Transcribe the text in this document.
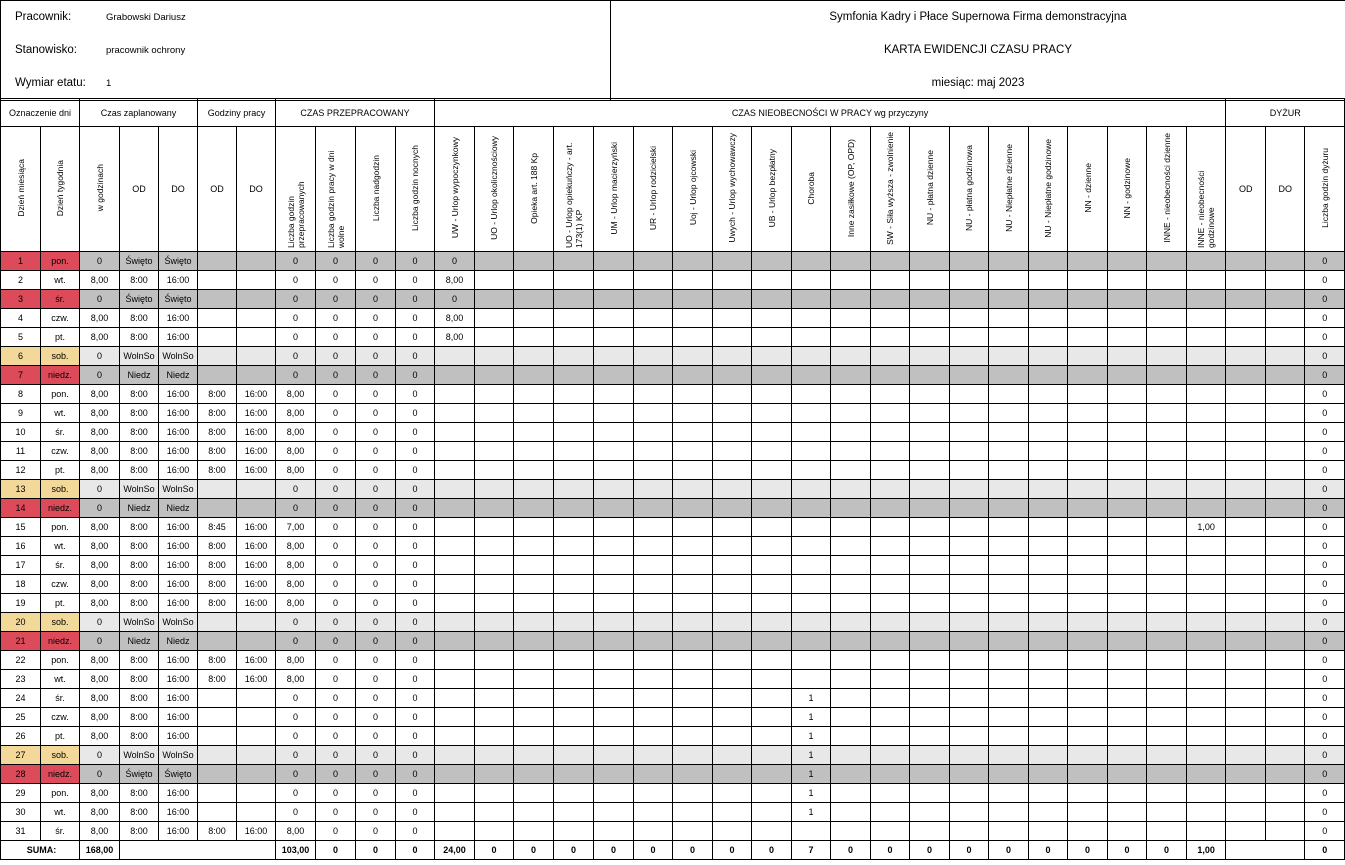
Pracownik:	Grabowski Dariusz
Stanowisko:	pracownik ochrony
Wymiar etatu: 1

Symfonia Kadry i Płace Supernowa Firma demonstracyjna
KARTA EWIDENCJI CZASU PRACY
miesiąc: maj 2023
Oznaczenie dni		Czas zaplanowany			Godziny pracy		CZAS PRZEPRACOWANY				CZAS NIEOBECNOŚCI W PRACY wg przyczyny																				DYŻUR		
Dzień miesiąca	Dzień tygodnia	w godzinach	OD	DO	OD	DO	Liczba godzin przepracowanych	Liczba godzin pracy w dni wolne	Liczba nadgodzin	Liczba godzin nocnych	UW - Urlop wypoczynkowy	UO - Urlop okolicznościowy	Opieka art. 188 Kp	UO - Urlop opiekuńczy - art. 173(1) KP	UM - Urlop macierzyński	UR - Urlop rodzicielski	Uoj - Urlop ojcowski	Uwych - Urlop wychowawczy	UB - Urlop bezpłatny	Choroba	Inne zasiłkowe (OP, OPD)	SW - Siła wyższa - zwolnienie	NU - płatna dzienne	NU - płatna godzinowa	NU - Niepłatne dzienne	NU - Niepłatne godzinowe	NN - dzienne	NN - godzinowe	INNE - nieobecności dzienne	INNE - nieobecności godzinowe	OD	DO	Liczba godzin dyżuru
1	pon.	0	Święto	Święto			0	0	0	0	0																						0
2	wt.	8,00	8:00	16:00			0	0	0	0	8,00																						0
3	śr.	0	Święto	Święto			0	0	0	0	0																						0
4	czw.	8,00	8:00	16:00			0	0	0	0	8,00																						0
5	pt.	8,00	8:00	16:00			0	0	0	0	8,00																						0
6	sob.	0	WolnSo	WolnSo			0	0	0	0																							0
7	niedz.	0	Niedz	Niedz			0	0	0	0																							0
8	pon.	8,00	8:00	16:00	8:00	16:00	8,00	0	0	0																							0
9	wt.	8,00	8:00	16:00	8:00	16:00	8,00	0	0	0																							0
10	śr.	8,00	8:00	16:00	8:00	16:00	8,00	0	0	0																							0
11	czw.	8,00	8:00	16:00	8:00	16:00	8,00	0	0	0																							0
12	pt.	8,00	8:00	16:00	8:00	16:00	8,00	0	0	0																							0
13	sob.	0	WolnSo	WolnSo			0	0	0	0																							0
14	niedz.	0	Niedz	Niedz			0	0	0	0																							0
15	pon.	8,00	8:00	16:00	8:45	16:00	7,00	0	0	0																				1,00			0
16	wt.	8,00	8:00	16:00	8:00	16:00	8,00	0	0	0																							0
17	śr.	8,00	8:00	16:00	8:00	16:00	8,00	0	0	0																							0
18	czw.	8,00	8:00	16:00	8:00	16:00	8,00	0	0	0																							0
19	pt.	8,00	8:00	16:00	8:00	16:00	8,00	0	0	0																							0
20	sob.	0	WolnSo	WolnSo			0	0	0	0																							0
21	niedz.	0	Niedz	Niedz			0	0	0	0																							0
22	pon.	8,00	8:00	16:00	8:00	16:00	8,00	0	0	0																							0
23	wt.	8,00	8:00	16:00	8:00	16:00	8,00	0	0	0																							0
24	śr.	8,00	8:00	16:00			0	0	0	0										1													0
25	czw.	8,00	8:00	16:00			0	0	0	0										1													0
26	pt.	8,00	8:00	16:00			0	0	0	0										1													0
27	sob.	0	WolnSo	WolnSo			0	0	0	0										1													0
28	niedz.	0	Święto	Święto			0	0	0	0										1													0
29	pon.	8,00	8:00	16:00			0	0	0	0										1													0
30	wt.	8,00	8:00	16:00			0	0	0	0										1													0
31	śr.	8,00	8:00	16:00	8:00	16:00	8,00	0	0	0																							0
SUMA:		168,00					103,00	0	0	0	24,00	0	0	0	0	0	0	0	0	7	0	0	0	0	0	0	0	0	0	1,00			0
